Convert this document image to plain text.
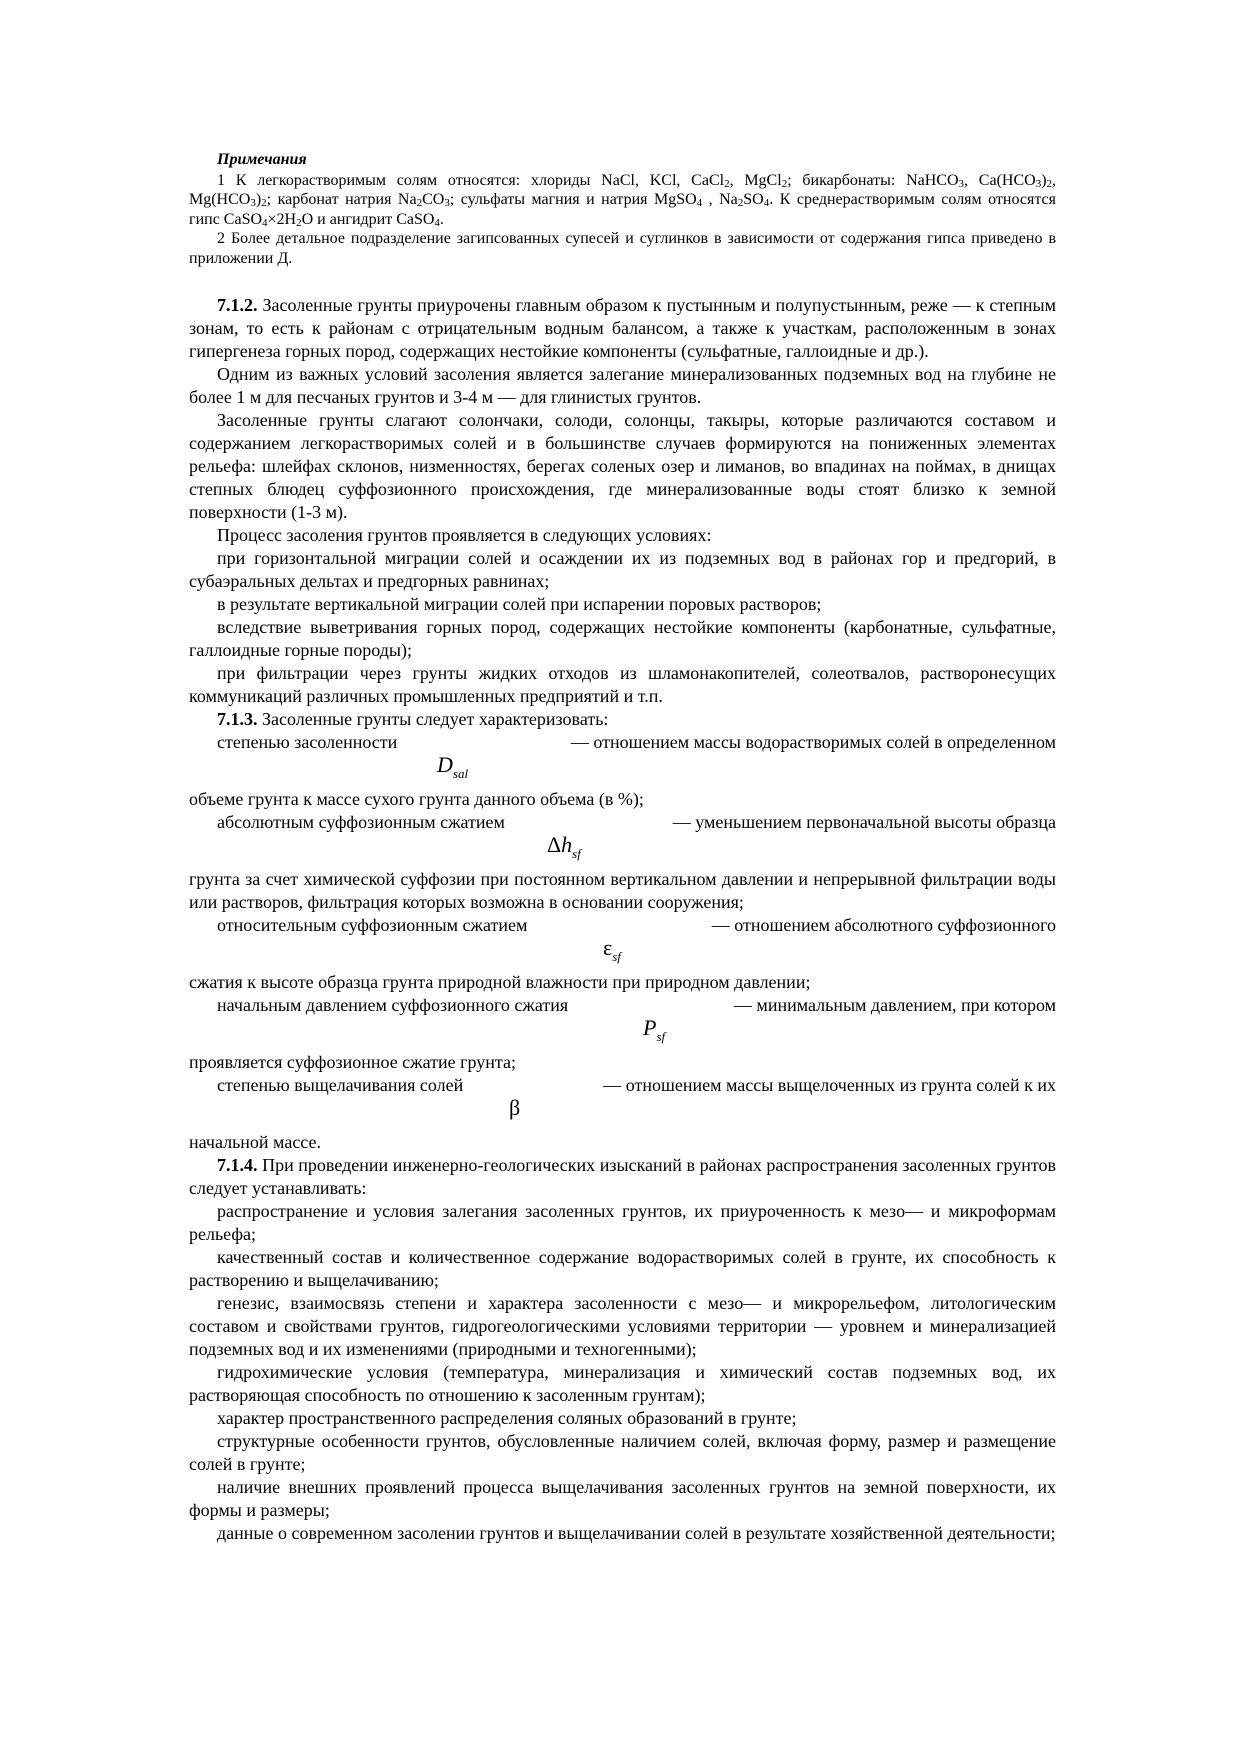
Примечания

1 К легкорастворимым солям относятся: хлориды NaCl, KCl, CaCl$_2$, MgCl$_2$; бикарбонаты: NaHCO$_3$, $Ca(HCO_3)_2$, $Mg(HCO_3)_2$; карбонат натрия $Na_2CO_3$; сульфаты магния и натрия MgSO$_4$ , $Na_2SO_4$. К среднерастворимым солям относятся гипс $CaSO_4\times 2H_2O$ и ангидрит CaSO$_4$.

2 Более детальное подразделение загипсованных супесей и суглинков в зависимости от содержания гипса приведено в приложении Д.

7.1.2. Засоленные грунты приурочены главным образом к пустынным и полупустынным, реже — к степным зонам, то есть к районам с отрицательным водным балансом, а также к участкам, расположенным в зонах гипергенеза горных пород, содержащих нестойкие компоненты (сульфатные, галлоидные и др.).

Одним из важных условий засоления является залегание минерализованных подземных вод на глубине не более 1 м для песчаных грунтов и 3-4 м — для глинистых грунтов.

Засоленные грунты слагают солончаки, солоди, солонцы, такыры, которые различаются составом и содержанием легкорастворимых солей и в большинстве случаев формируются на пониженных элементах рельефа: шлейфах склонов, низменностях, берегах соленых озер и лиманов, во впадинах на поймах, в днищах степных блюдец суффозионного происхождения, где минерализованные воды стоят близко к земной поверхности (1-3 м).

Процесс засоления грунтов проявляется в следующих условиях:

при горизонтальной миграции солей и осаждении их из подземных вод в районах гор и предгорий, в субаэральных дельтах и предгорных равнинах;

в результате вертикальной миграции солей при испарении поровых растворов;

вследствие выветривания горных пород, содержащих нестойкие компоненты (карбонатные, сульфатные, галлоидные горные породы);

при фильтрации через грунты жидких отходов из шламонакопителей, солеотвалов, растворонесущих коммуникаций различных промышленных предприятий и т.п.

7.1.3. Засоленные грунты следует характеризовать:

степенью засоленности	— отношением массы водорастворимых солей в определенном
$D_{sal}$

объеме грунта к массе сухого грунта данного объема (в %);

абсолютным суффозионным сжатием	— уменьшением первоначальной высоты образца
$\Delta h_{sf}$

грунта за счет химической суффозии при постоянном вертикальном давлении и непрерывной фильтрации воды или растворов, фильтрация которых возможна в основании сооружения;

относительным суффозионным сжатием	— отношением абсолютного суффозионного
$\varepsilon_{sf}$

сжатия к высоте образца грунта природной влажности при природном давлении;

начальным давлением суффозионного сжатия	— минимальным давлением, при котором
$P_{sf}$

проявляется суффозионное сжатие грунта;

степенью выщелачивания солей	— отношением массы выщелоченных из грунта солей к их
β

начальной массе.

7.1.4. При проведении инженерно-геологических изысканий в районах распространения засоленных грунтов следует устанавливать:

распространение и условия залегания засоленных грунтов, их приуроченность к мезо— и микроформам рельефа;

качественный состав и количественное содержание водорастворимых солей в грунте, их способность к растворению и выщелачиванию;

генезис, взаимосвязь степени и характера засоленности с мезо— и микрорельефом, литологическим составом и свойствами грунтов, гидрогеологическими условиями территории — уровнем и минерализацией подземных вод и их изменениями (природными и техногенными);

гидрохимические условия (температура, минерализация и химический состав подземных вод, их растворяющая способность по отношению к засоленным грунтам);

характер пространственного распределения соляных образований в грунте;

структурные особенности грунтов, обусловленные наличием солей, включая форму, размер и размещение солей в грунте;

наличие внешних проявлений процесса выщелачивания засоленных грунтов на земной поверхности, их формы и размеры;

данные о современном засолении грунтов и выщелачивании солей в результате хозяйственной деятельности;
